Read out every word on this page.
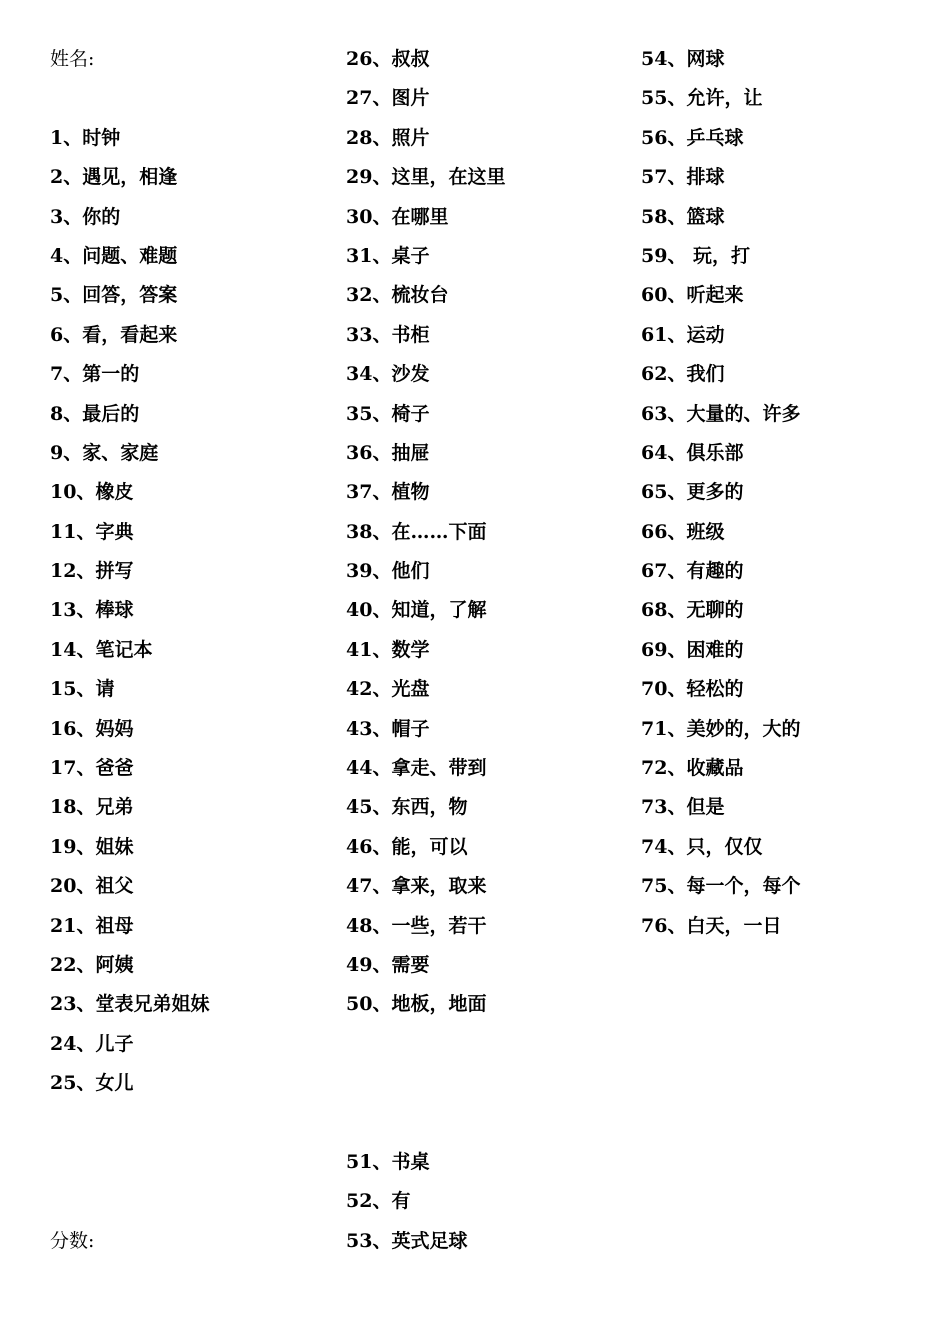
姓名:
1、时钟
2、遇见，相逢
3、你的
4、问题、难题
5、回答，答案
6、看，看起来
7、第一的
8、最后的
9、家、家庭
10、橡皮
11、字典
12、拼写
13、棒球
14、笔记本
15、请
16、妈妈
17、爸爸
18、兄弟
19、姐妹
20、祖父
21、祖母
22、阿姨
23、堂表兄弟姐妹
24、儿子
25、女儿
分数:
26、叔叔
27、图片
28、照片
29、这里，在这里
30、在哪里
31、桌子
32、梳妆台
33、书柜
34、沙发
35、椅子
36、抽屉
37、植物
38、在……下面
39、他们
40、知道，了解
41、数学
42、光盘
43、帽子
44、拿走、带到
45、东西，物
46、能，可以
47、拿来，取来
48、一些，若干
49、需要
50、地板，地面
51、书桌
52、有
53、英式足球
54、网球
55、允许，让
56、乒乓球
57、排球
58、篮球
59、 玩，打
60、听起来
61、运动
62、我们
63、大量的、许多
64、俱乐部
65、更多的
66、班级
67、有趣的
68、无聊的
69、困难的
70、轻松的
71、美妙的，大的
72、收藏品
73、但是
74、只，仅仅
75、每一个，每个
76、白天，一日
